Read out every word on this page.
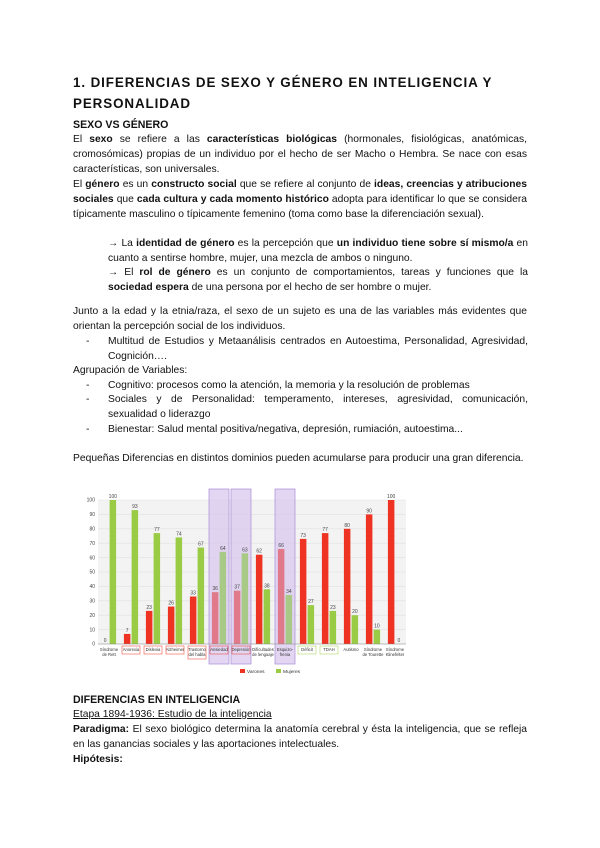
1. DIFERENCIAS DE SEXO Y GÉNERO EN INTELIGENCIA Y PERSONALIDAD
SEXO VS GÉNERO
El sexo se refiere a las características biológicas (hormonales, fisiológicas, anatómicas, cromosómicas) propias de un individuo por el hecho de ser Macho o Hembra. Se nace con esas características, son universales.
El género es un constructo social que se refiere al conjunto de ideas, creencias y atribuciones sociales que cada cultura y cada momento histórico adopta para identificar lo que se considera típicamente masculino o típicamente femenino (toma como base la diferenciación sexual).
→ La identidad de género es la percepción que un individuo tiene sobre sí mismo/a en cuanto a sentirse hombre, mujer, una mezcla de ambos o ninguno.
→ El rol de género es un conjunto de comportamientos, tareas y funciones que la sociedad espera de una persona por el hecho de ser hombre o mujer.
Junto a la edad y la etnia/raza, el sexo de un sujeto es una de las variables más evidentes que orientan la percepción social de los individuos.
- Multitud de Estudios y Metaanálisis centrados en Autoestima, Personalidad, Agresividad, Cognición….
Agrupación de Variables:
- Cognitivo: procesos como la atención, la memoria y la resolución de problemas
- Sociales y de Personalidad: temperamento, intereses, agresividad, comunicación, sexualidad o liderazgo
- Bienestar: Salud mental positiva/negativa, depresión, rumiación, autoestima...
Pequeñas Diferencias en distintos dominios pueden acumularse para producir una gran diferencia.
0
10
20
30
40
50
60
70
80
90
100
0
100
Síndrome
de Rett
7
93
Anorexia
23
77
Dislexia
26
74
Alzheimer
33
67
Trastorno
del habla
36
64
Ansiedad
37
63
Depresión
62
38
Dificultades
de lenguaje
66
34
Esquizo-
frenia
73
27
Déficit
77
23
TDAH
80
20
Autismo
90
10
Síndrome
de Tourette
100
0
Síndrome
Klinefelter
Varones	Mujeres
DIFERENCIAS EN INTELIGENCIA
Etapa 1894-1936: Estudio de la inteligencia
Paradigma: El sexo biológico determina la anatomía cerebral y ésta la inteligencia, que se refleja en las ganancias sociales y las aportaciones intelectuales.
Hipótesis:
